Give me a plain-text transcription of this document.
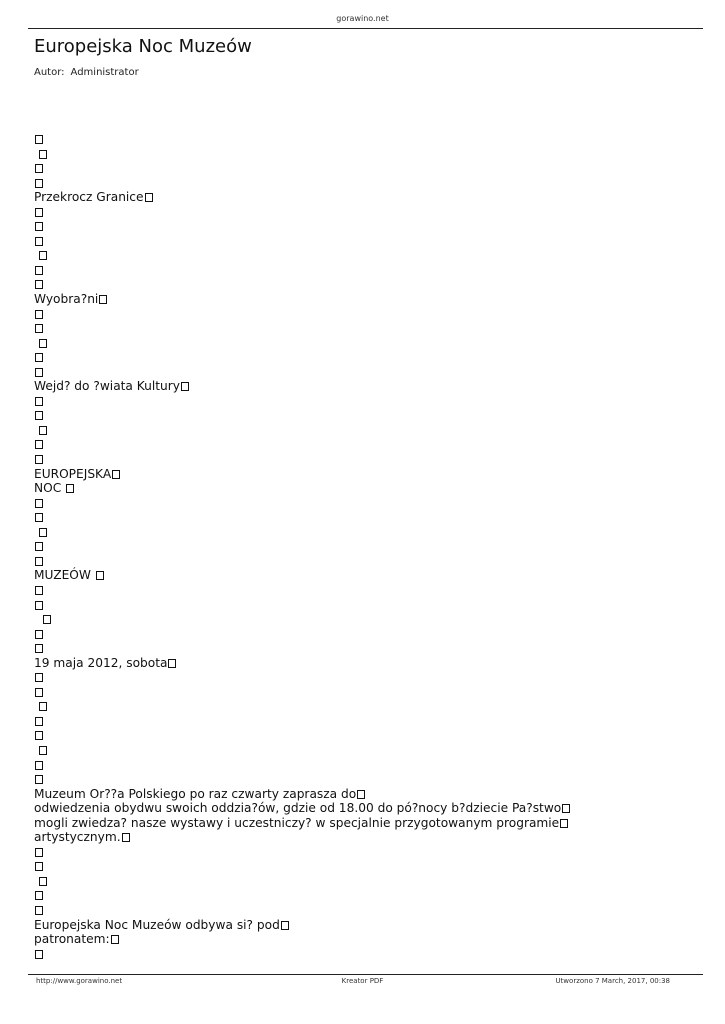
gorawino.net
Europejska Noc Muzeów
Autor: Administrator

Przekrocz Granice

Wyobra?ni

Wejd? do ?wiata Kultury

EUROPEJSKA
NOC

MUZEÓW

19 maja 2012, sobota

Muzeum Or??a Polskiego po raz czwarty zaprasza do
odwiedzenia obydwu swoich oddzia?ów, gdzie od 18.00 do pó?nocy b?dziecie Pa?stwo
mogli zwiedza? nasze wystawy i uczestniczy? w specjalnie przygotowanym programie
artystycznym.

Europejska Noc Muzeów odbywa si? pod
patronatem:
http://www.gorawino.net	Kreator PDF	Utworzono 7 March, 2017, 00:38
